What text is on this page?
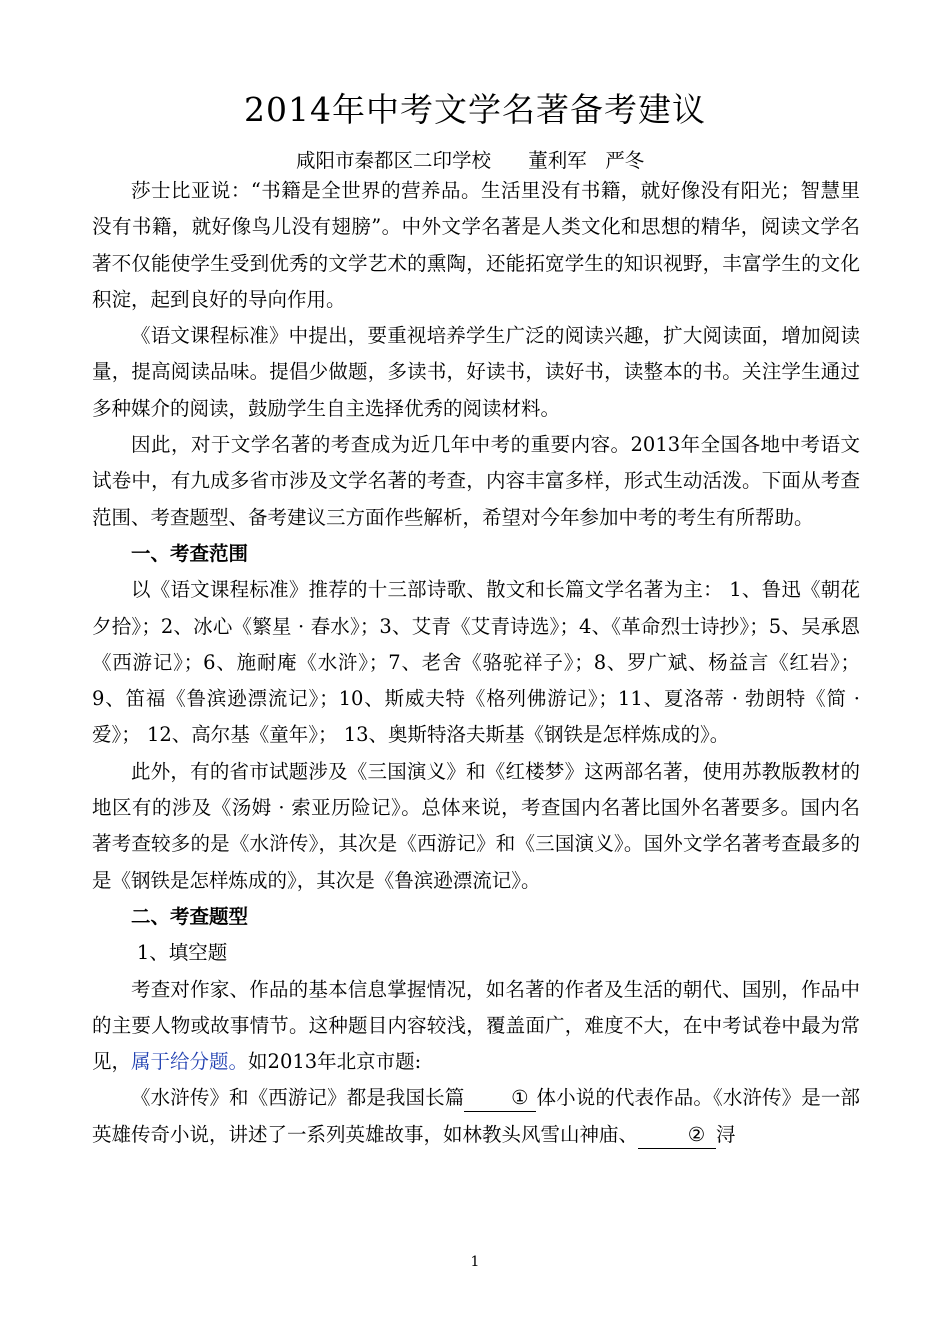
2014年中考文学名著备考建议
咸阳市秦都区二印学校      董利军   严冬

莎士比亚说：“书籍是全世界的营养品。生活里没有书籍，就好像没有阳光；智慧里没有书籍，就好像鸟儿没有翅膀”。中外文学名著是人类文化和思想的精华，阅读文学名著不仅能使学生受到优秀的文学艺术的熏陶，还能拓宽学生的知识视野，丰富学生的文化积淀，起到良好的导向作用。

《语文课程标准》中提出，要重视培养学生广泛的阅读兴趣，扩大阅读面，增加阅读量，提高阅读品味。提倡少做题，多读书，好读书，读好书，读整本的书。关注学生通过多种媒介的阅读，鼓励学生自主选择优秀的阅读材料。

因此，对于文学名著的考查成为近几年中考的重要内容。2013年全国各地中考语文试卷中，有九成多省市涉及文学名著的考查，内容丰富多样，形式生动活泼。下面从考查范围、考查题型、备考建议三方面作些解析，希望对今年参加中考的考生有所帮助。

一、考查范围

以《语文课程标准》推荐的十三部诗歌、散文和长篇文学名著为主： 1、鲁迅《朝花夕拾》；2、冰心《繁星 · 春水》；3、艾青《艾青诗选》；4、《革命烈士诗抄》；5、吴承恩《西游记》；6、施耐庵《水浒》；7、老舍《骆驼祥子》；8、罗广斌、杨益言《红岩》；9、笛福《鲁滨逊漂流记》；10、斯威夫特《格列佛游记》；11、夏洛蒂 · 勃朗特《简 · 爱》； 12、高尔基《童年》； 13、奥斯特洛夫斯基《钢铁是怎样炼成的》。

此外，有的省市试题涉及《三国演义》和《红楼梦》这两部名著，使用苏教版教材的地区有的涉及《汤姆 · 索亚历险记》。总体来说，考查国内名著比国外名著要多。国内名著考查较多的是《水浒传》，其次是《西游记》和《三国演义》。国外文学名著考查最多的是《钢铁是怎样炼成的》，其次是《鲁滨逊漂流记》。

二、考查题型

1、填空题

考查对作家、作品的基本信息掌握情况，如名著的作者及生活的朝代、国别，作品中的主要人物或故事情节。这种题目内容较浅，覆盖面广，难度不大，在中考试卷中最为常见，属于给分题。如2013年北京市题:

《水浒传》和《西游记》都是我国长篇 ① 体小说的代表作品。《水浒传》是一部英雄传奇小说，讲述了一系列英雄故事，如林教头风雪山神庙、	② 浔

1
